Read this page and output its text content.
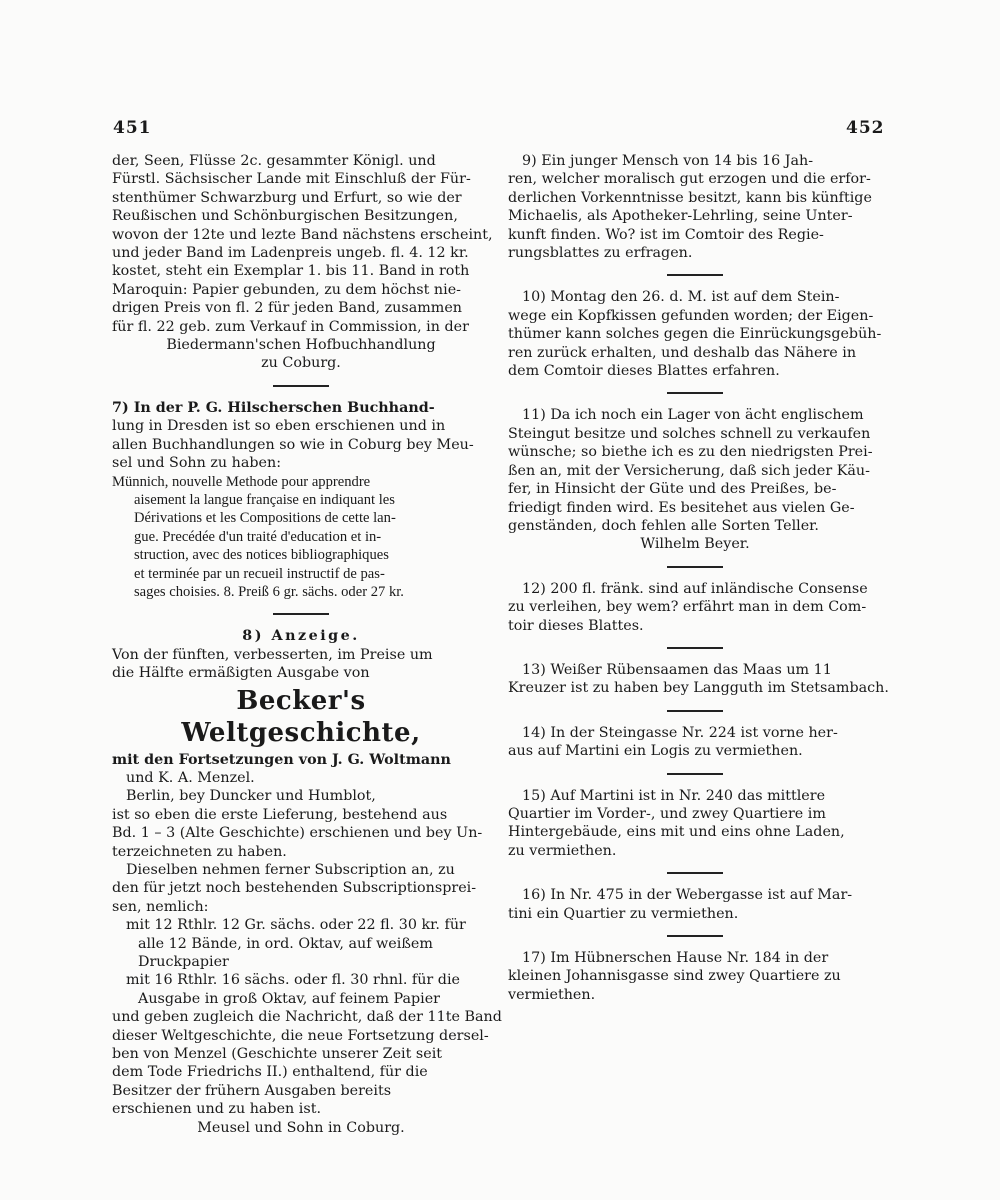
451	452
der, Seen, Flüsse 2c. gesammter Königl. und
Fürstl. Sächsischer Lande mit Einschluß der Für-
stenthümer Schwarzburg und Erfurt, so wie der
Reußischen und Schönburgischen Besitzungen,
wovon der 12te und lezte Band nächstens erscheint,
und jeder Band im Ladenpreis ungeb. fl. 4. 12 kr.
kostet, steht ein Exemplar 1. bis 11. Band in roth
Maroquin: Papier gebunden, zu dem höchst nie-
drigen Preis von fl. 2 für jeden Band, zusammen
für fl. 22 geb. zum Verkauf in Commission, in der
Biedermann'schen Hofbuchhandlung
zu Coburg.
7) In der P. G. Hilscherschen Buchhand-
lung in Dresden ist so eben erschienen und in
allen Buchhandlungen so wie in Coburg bey Meu-
sel und Sohn zu haben:
Münnich, nouvelle Methode pour apprendre
aisement la langue française en indiquant les
Dérivations et les Compositions de cette lan-
gue. Precédée d'un traité d'education et in-
struction, avec des notices bibliographiques
et terminée par un recueil instructif de pas-
sages choisies. 8. Preiß 6 gr. sächs. oder 27 kr.
8) Anzeige.
Von der fünften, verbesserten, im Preise um
die Hälfte ermäßigten Ausgabe von
Becker's Weltgeschichte,
mit den Fortsetzungen von J. G. Woltmann
und K. A. Menzel.
Berlin, bey Duncker und Humblot,
ist so eben die erste Lieferung, bestehend aus
Bd. 1 – 3 (Alte Geschichte) erschienen und bey Un-
terzeichneten zu haben.
Dieselben nehmen ferner Subscription an, zu
den für jetzt noch bestehenden Subscriptionsprei-
sen, nemlich:
mit 12 Rthlr. 12 Gr. sächs. oder 22 fl. 30 kr. für
alle 12 Bände, in ord. Oktav, auf weißem
Druckpapier
mit 16 Rthlr. 16 sächs. oder fl. 30 rhnl. für die
Ausgabe in groß Oktav, auf feinem Papier
und geben zugleich die Nachricht, daß der 11te Band
dieser Weltgeschichte, die neue Fortsetzung dersel-
ben von Menzel (Geschichte unserer Zeit seit
dem Tode Friedrichs II.) enthaltend, für die
Besitzer der frühern Ausgaben bereits
erschienen und zu haben ist.
Meusel und Sohn in Coburg.
9) Ein junger Mensch von 14 bis 16 Jah-
ren, welcher moralisch gut erzogen und die erfor-
derlichen Vorkenntnisse besitzt, kann bis künftige
Michaelis, als Apotheker-Lehrling, seine Unter-
kunft finden. Wo? ist im Comtoir des Regie-
rungsblattes zu erfragen.
10) Montag den 26. d. M. ist auf dem Stein-
wege ein Kopfkissen gefunden worden; der Eigen-
thümer kann solches gegen die Einrückungsgebüh-
ren zurück erhalten, und deshalb das Nähere in
dem Comtoir dieses Blattes erfahren.
11) Da ich noch ein Lager von ächt englischem
Steingut besitze und solches schnell zu verkaufen
wünsche; so biethe ich es zu den niedrigsten Prei-
ßen an, mit der Versicherung, daß sich jeder Käu-
fer, in Hinsicht der Güte und des Preißes, be-
friedigt finden wird. Es besitehet aus vielen Ge-
genständen, doch fehlen alle Sorten Teller.
Wilhelm Beyer.
12) 200 fl. fränk. sind auf inländische Consense
zu verleihen, bey wem? erfährt man in dem Com-
toir dieses Blattes.
13) Weißer Rübensaamen das Maas um 11
Kreuzer ist zu haben bey Langguth im Stetsambach.
14) In der Steingasse Nr. 224 ist vorne her-
aus auf Martini ein Logis zu vermiethen.
15) Auf Martini ist in Nr. 240 das mittlere
Quartier im Vorder-, und zwey Quartiere im
Hintergebäude, eins mit und eins ohne Laden,
zu vermiethen.
16) In Nr. 475 in der Webergasse ist auf Mar-
tini ein Quartier zu vermiethen.
17) Im Hübnerschen Hause Nr. 184 in der
kleinen Johannisgasse sind zwey Quartiere zu
vermiethen.
